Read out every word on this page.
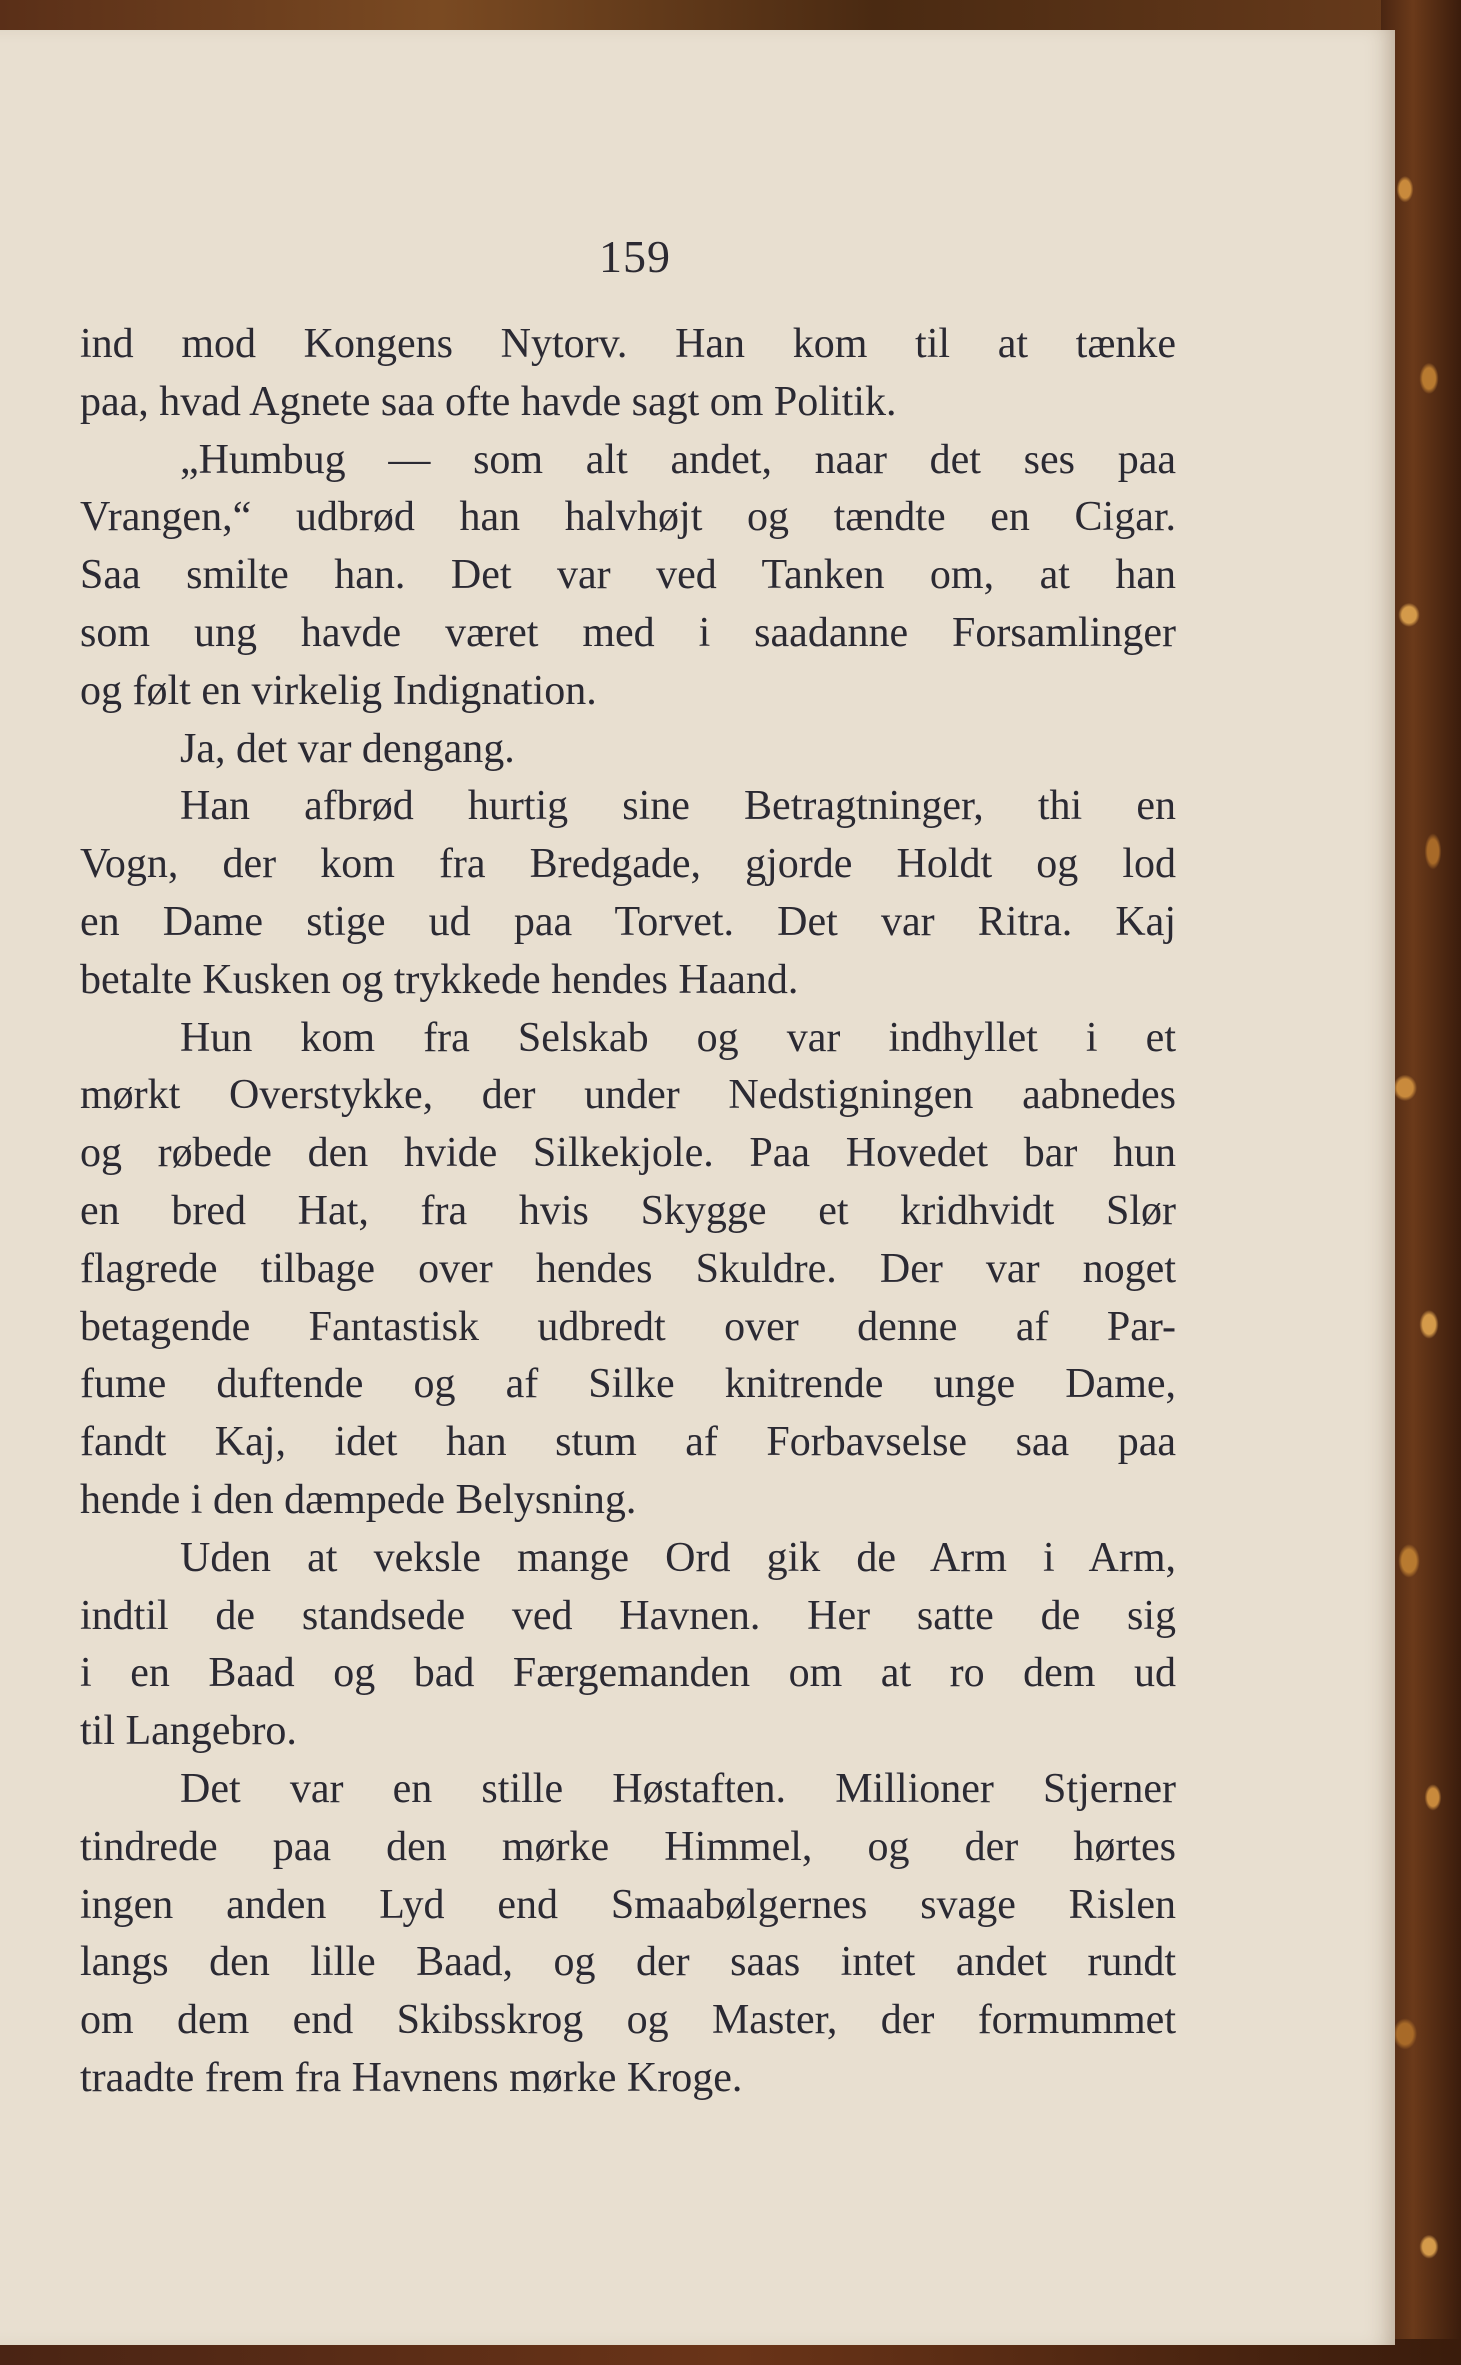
159
ind mod Kongens Nytorv. Han kom til at tænke
paa, hvad Agnete saa ofte havde sagt om Politik.
„Humbug — som alt andet, naar det ses paa
Vrangen,“ udbrød han halvhøjt og tændte en Cigar.
Saa smilte han. Det var ved Tanken om, at han
som ung havde været med i saadanne Forsamlinger
og følt en virkelig Indignation.
Ja, det var dengang.
Han afbrød hurtig sine Betragtninger, thi en
Vogn, der kom fra Bredgade, gjorde Holdt og lod
en Dame stige ud paa Torvet. Det var Ritra. Kaj
betalte Kusken og trykkede hendes Haand.
Hun kom fra Selskab og var indhyllet i et
mørkt Overstykke, der under Nedstigningen aabnedes
og røbede den hvide Silkekjole. Paa Hovedet bar hun
en bred Hat, fra hvis Skygge et kridhvidt Slør
flagrede tilbage over hendes Skuldre. Der var noget
betagende Fantastisk udbredt over denne af Par-
fume duftende og af Silke knitrende unge Dame,
fandt Kaj, idet han stum af Forbavselse saa paa
hende i den dæmpede Belysning.
Uden at veksle mange Ord gik de Arm i Arm,
indtil de standsede ved Havnen. Her satte de sig
i en Baad og bad Færgemanden om at ro dem ud
til Langebro.
Det var en stille Høstaften. Millioner Stjerner
tindrede paa den mørke Himmel, og der hørtes
ingen anden Lyd end Smaabølgernes svage Rislen
langs den lille Baad, og der saas intet andet rundt
om dem end Skibsskrog og Master, der formummet
traadte frem fra Havnens mørke Kroge.
